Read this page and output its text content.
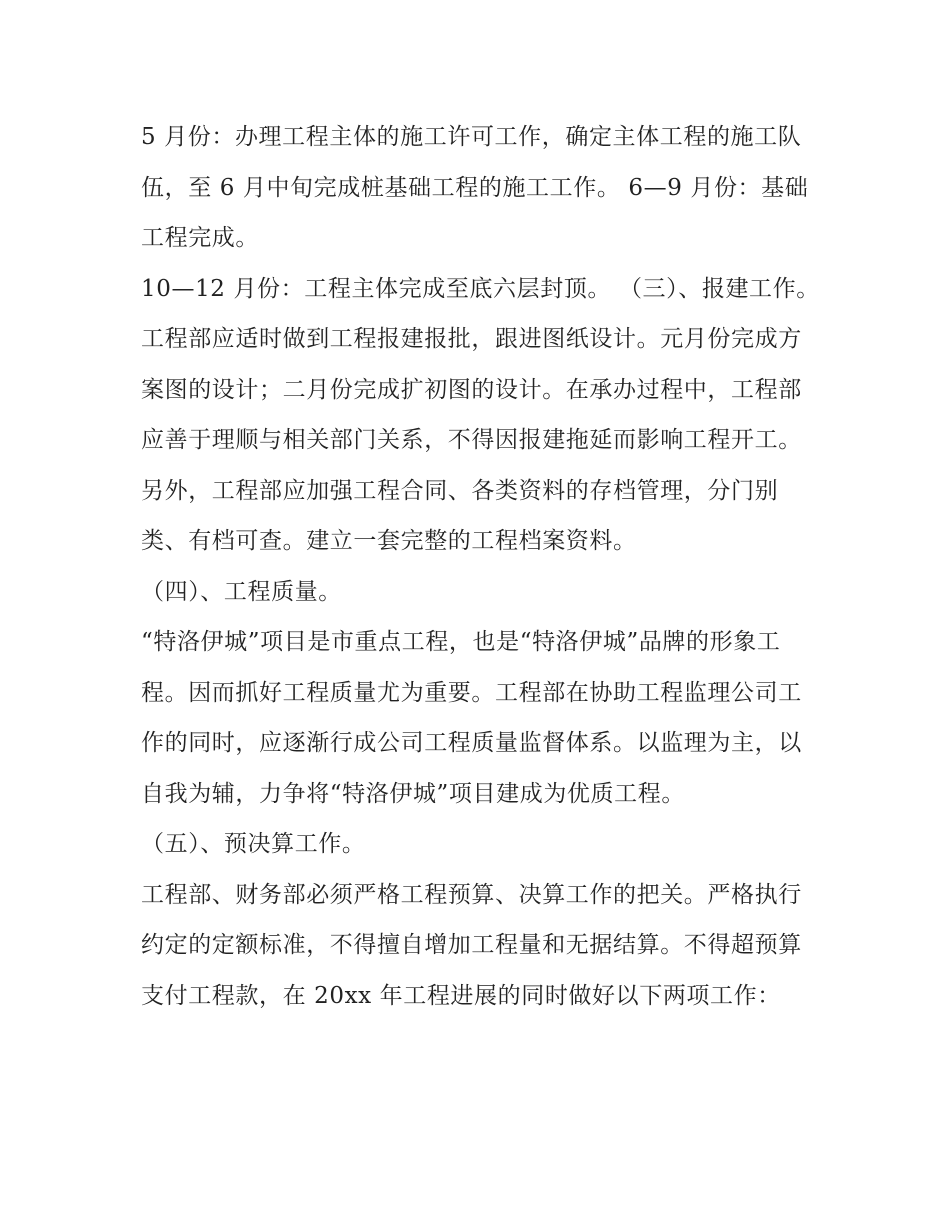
5 月份：办理工程主体的施工许可工作，确定主体工程的施工队伍，至 6 月中旬完成桩基础工程的施工工作。 6—9 月份：基础工程完成。

10—12 月份：工程主体完成至底六层封顶。 （三）、报建工作。

工程部应适时做到工程报建报批，跟进图纸设计。元月份完成方案图的设计；二月份完成扩初图的设计。在承办过程中，工程部应善于理顺与相关部门关系，不得因报建拖延而影响工程开工。另外，工程部应加强工程合同、各类资料的存档管理，分门别类、有档可查。建立一套完整的工程档案资料。

（四）、工程质量。

“特洛伊城”项目是市重点工程，也是“特洛伊城”品牌的形象工程。因而抓好工程质量尤为重要。工程部在协助工程监理公司工作的同时，应逐渐行成公司工程质量监督体系。以监理为主，以自我为辅，力争将“特洛伊城”项目建成为优质工程。

（五）、预决算工作。

工程部、财务部必须严格工程预算、决算工作的把关。严格执行约定的定额标准，不得擅自增加工程量和无据结算。不得超预算支付工程款，在 20xx 年工程进展的同时做好以下两项工作：
